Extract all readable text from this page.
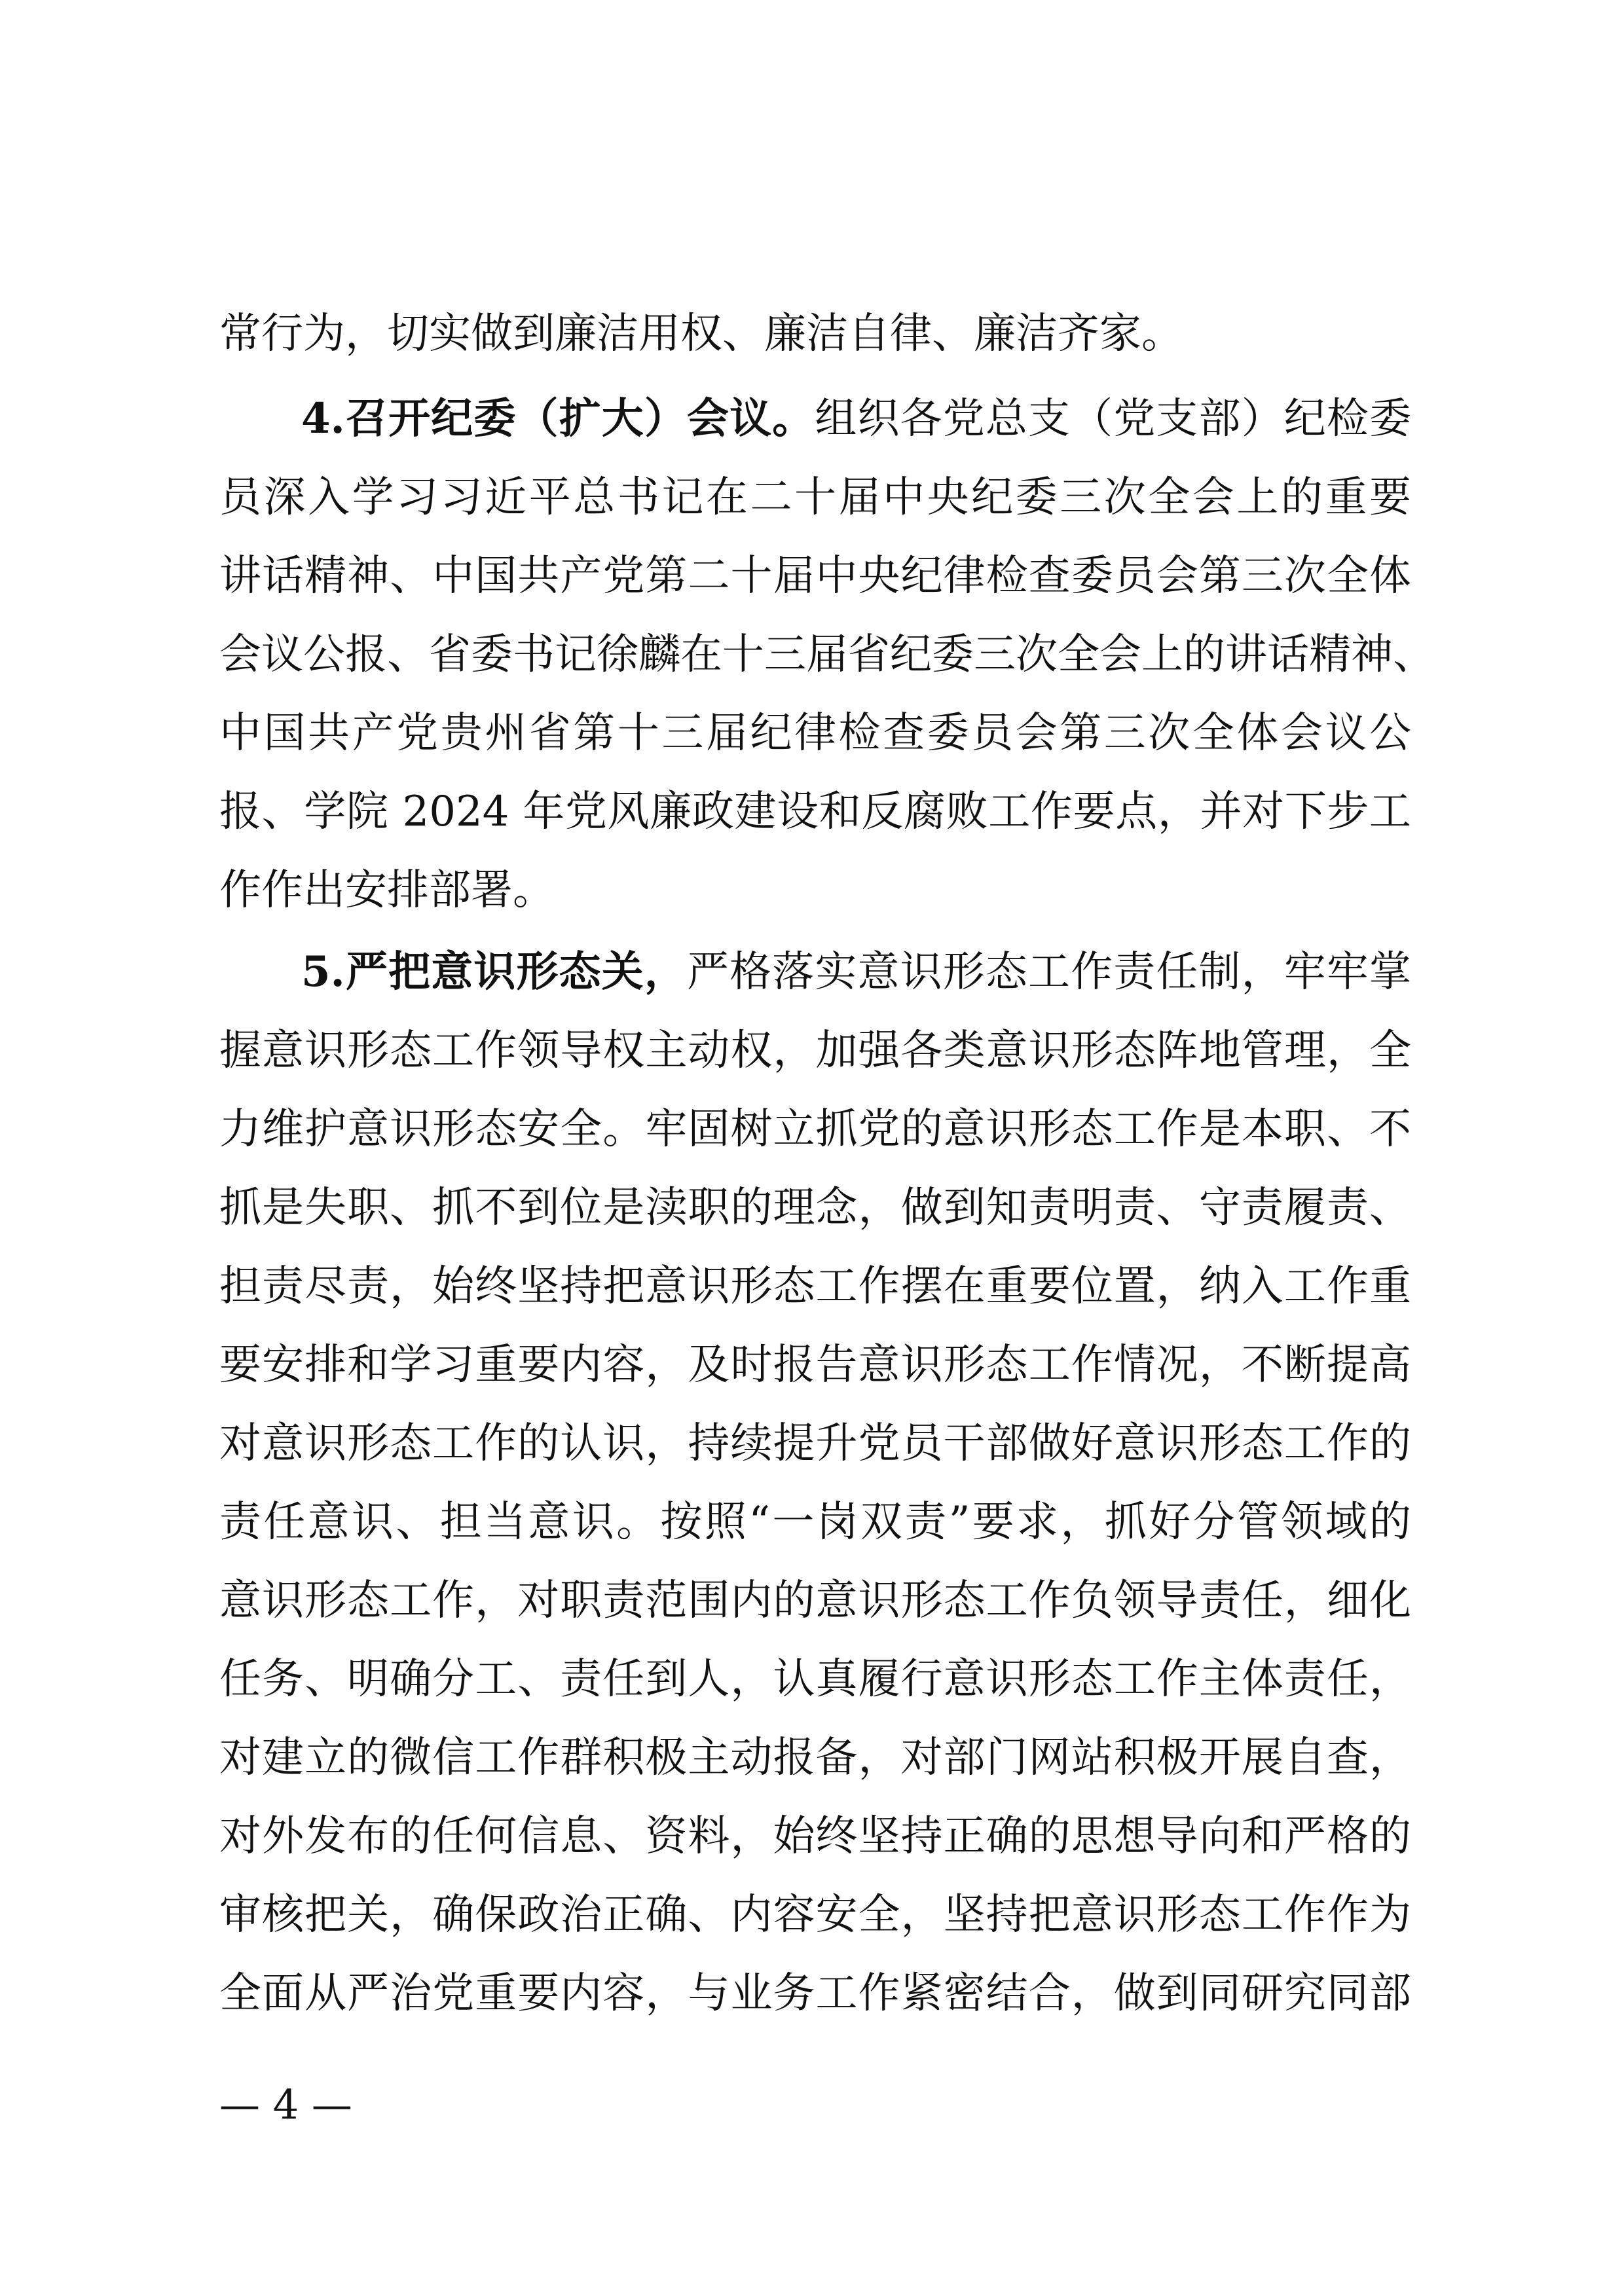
常行为，切实做到廉洁用权、廉洁自律、廉洁齐家。
4.召开纪委（扩大）会议。组织各党总支（党支部）纪检委
员深入学习习近平总书记在二十届中央纪委三次全会上的重要
讲话精神、中国共产党第二十届中央纪律检查委员会第三次全体
会议公报、省委书记徐麟在十三届省纪委三次全会上的讲话精神、
中国共产党贵州省第十三届纪律检查委员会第三次全体会议公
报、学院 2024 年党风廉政建设和反腐败工作要点，并对下步工
作作出安排部署。
5.严把意识形态关，严格落实意识形态工作责任制，牢牢掌
握意识形态工作领导权主动权，加强各类意识形态阵地管理，全
力维护意识形态安全。牢固树立抓党的意识形态工作是本职、不
抓是失职、抓不到位是渎职的理念，做到知责明责、守责履责、
担责尽责，始终坚持把意识形态工作摆在重要位置，纳入工作重
要安排和学习重要内容，及时报告意识形态工作情况，不断提高
对意识形态工作的认识，持续提升党员干部做好意识形态工作的
责任意识、担当意识。按照“一岗双责”要求，抓好分管领域的
意识形态工作，对职责范围内的意识形态工作负领导责任，细化
任务、明确分工、责任到人，认真履行意识形态工作主体责任，
对建立的微信工作群积极主动报备，对部门网站积极开展自查，
对外发布的任何信息、资料，始终坚持正确的思想导向和严格的
审核把关，确保政治正确、内容安全，坚持把意识形态工作作为
全面从严治党重要内容，与业务工作紧密结合，做到同研究同部
— 4 —
